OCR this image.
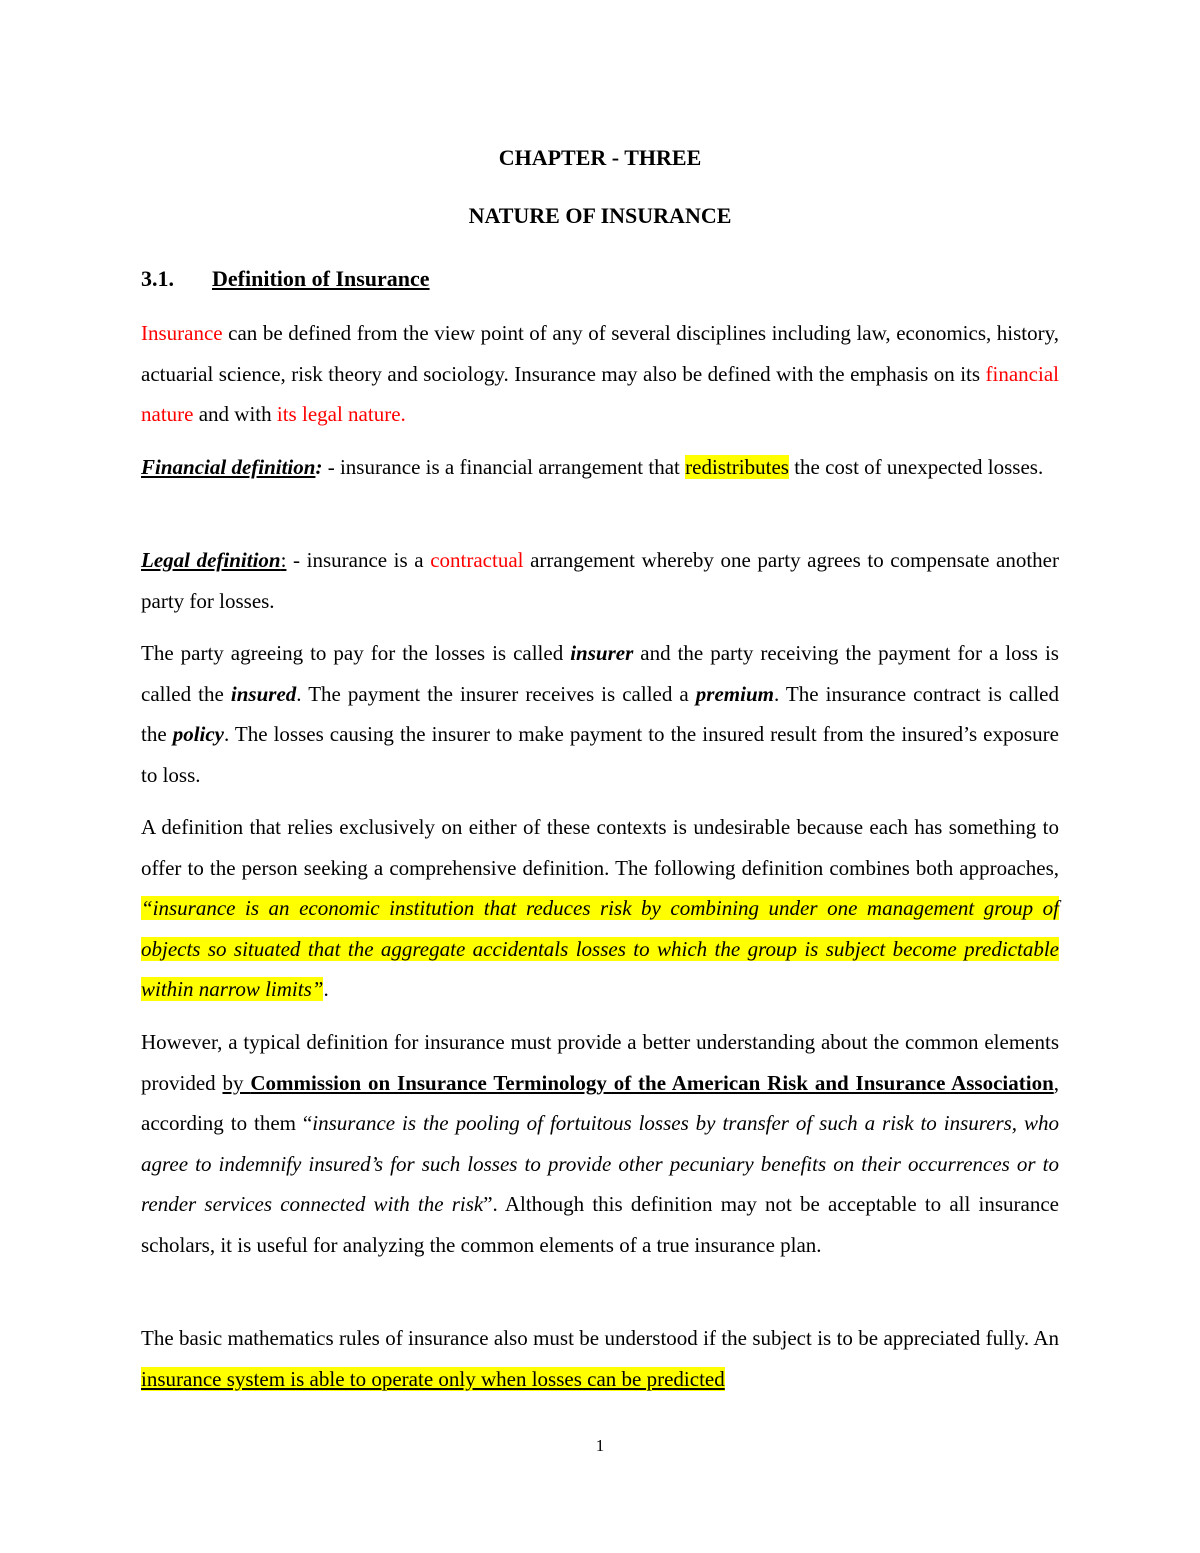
CHAPTER - THREE
NATURE OF INSURANCE
3.1. Definition of Insurance

Insurance can be defined from the view point of any of several disciplines including law, economics, history, actuarial science, risk theory and sociology. Insurance may also be defined with the emphasis on its financial nature and with its legal nature.

Financial definition: - insurance is a financial arrangement that redistributes the cost of unexpected losses.

Legal definition: - insurance is a contractual arrangement whereby one party agrees to compensate another party for losses.

The party agreeing to pay for the losses is called insurer and the party receiving the payment for a loss is called the insured. The payment the insurer receives is called a premium. The insurance contract is called the policy. The losses causing the insurer to make payment to the insured result from the insured’s exposure to loss.

A definition that relies exclusively on either of these contexts is undesirable because each has something to offer to the person seeking a comprehensive definition. The following definition combines both approaches, “insurance is an economic institution that reduces risk by combining under one management group of objects so situated that the aggregate accidentals losses to which the group is subject become predictable within narrow limits”.

However, a typical definition for insurance must provide a better understanding about the common elements provided by Commission on Insurance Terminology of the American Risk and Insurance Association, according to them “insurance is the pooling of fortuitous losses by transfer of such a risk to insurers, who agree to indemnify insured’s for such losses to provide other pecuniary benefits on their occurrences or to render services connected with the risk”. Although this definition may not be acceptable to all insurance scholars, it is useful for analyzing the common elements of a true insurance plan.

The basic mathematics rules of insurance also must be understood if the subject is to be appreciated fully. An insurance system is able to operate only when losses can be predicted

1
